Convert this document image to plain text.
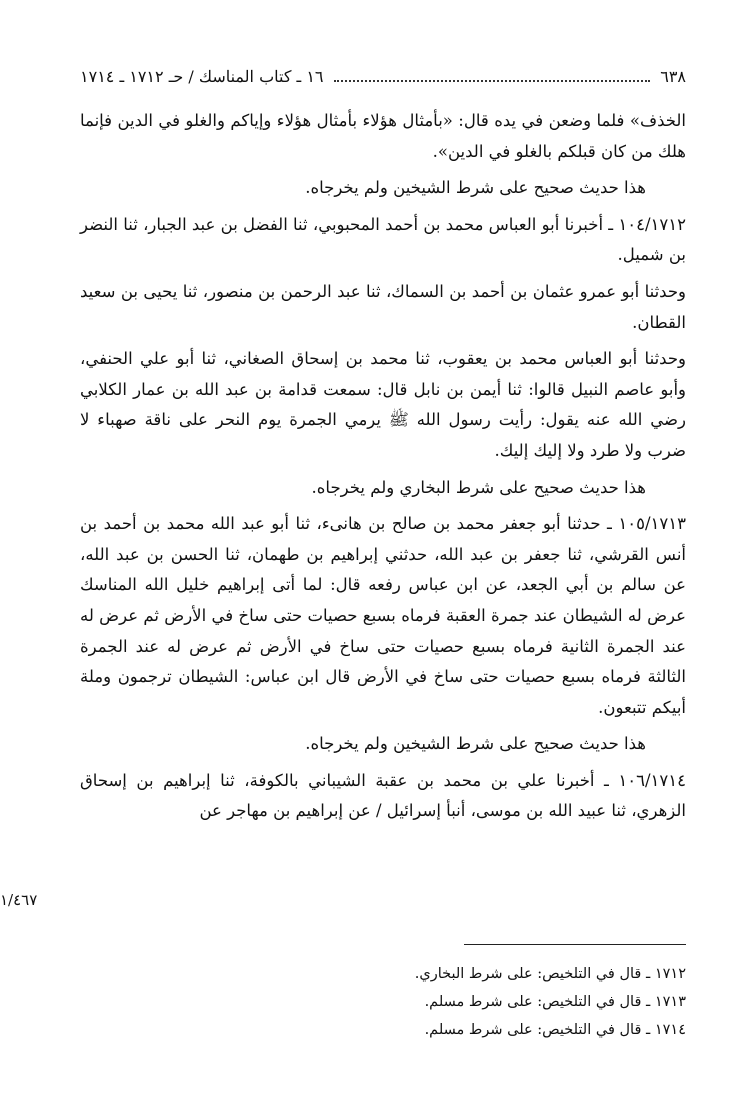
٦٣٨
١٦ ـ كتاب المناسك / حـ ١٧١٢ ـ ١٧١٤

الخذف» فلما وضعن في يده قال: «بأمثال هؤلاء بأمثال هؤلاء وإياكم والغلو في الدين فإنما هلك من كان قبلكم بالغلو في الدين».

هذا حديث صحيح على شرط الشيخين ولم يخرجاه.

١٠٤/١٧١٢ ـ أخبرنا أبو العباس محمد بن أحمد المحبوبي، ثنا الفضل بن عبد الجبار، ثنا النضر بن شميل.

وحدثنا أبو عمرو عثمان بن أحمد بن السماك، ثنا عبد الرحمن بن منصور، ثنا يحيى بن سعيد القطان.

وحدثنا أبو العباس محمد بن يعقوب، ثنا محمد بن إسحاق الصغاني، ثنا أبو علي الحنفي، وأبو عاصم النبيل قالوا: ثنا أيمن بن نابل قال: سمعت قدامة بن عبد الله بن عمار الكلابي رضي الله عنه يقول: رأيت رسول الله ﷺ يرمي الجمرة يوم النحر على ناقة صهباء لا ضرب ولا طرد ولا إليك إليك.

هذا حديث صحيح على شرط البخاري ولم يخرجاه.

١٠٥/١٧١٣ ـ حدثنا أبو جعفر محمد بن صالح بن هانىء، ثنا أبو عبد الله محمد بن أحمد بن أنس القرشي، ثنا جعفر بن عبد الله، حدثني إبراهيم بن طهمان، ثنا الحسن بن عبد الله، عن سالم بن أبي الجعد، عن ابن عباس رفعه قال: لما أتى إبراهيم خليل الله المناسك عرض له الشيطان عند جمرة العقبة فرماه بسبع حصيات حتى ساخ في الأرض ثم عرض له عند الجمرة الثانية فرماه بسبع حصيات حتى ساخ في الأرض ثم عرض له عند الجمرة الثالثة فرماه بسبع حصيات حتى ساخ في الأرض قال ابن عباس: الشيطان ترجمون وملة أبيكم تتبعون.

هذا حديث صحيح على شرط الشيخين ولم يخرجاه.

١٠٦/١٧١٤ ـ أخبرنا علي بن محمد بن عقبة الشيباني بالكوفة، ثنا إبراهيم بن إسحاق الزهري، ثنا عبيد الله بن موسى، أنبأ إسرائيل / عن إبراهيم بن مهاجر عن

١/٤٦٧

١٧١٢ ـ قال في التلخيص: على شرط البخاري.

١٧١٣ ـ قال في التلخيص: على شرط مسلم.

١٧١٤ ـ قال في التلخيص: على شرط مسلم.
